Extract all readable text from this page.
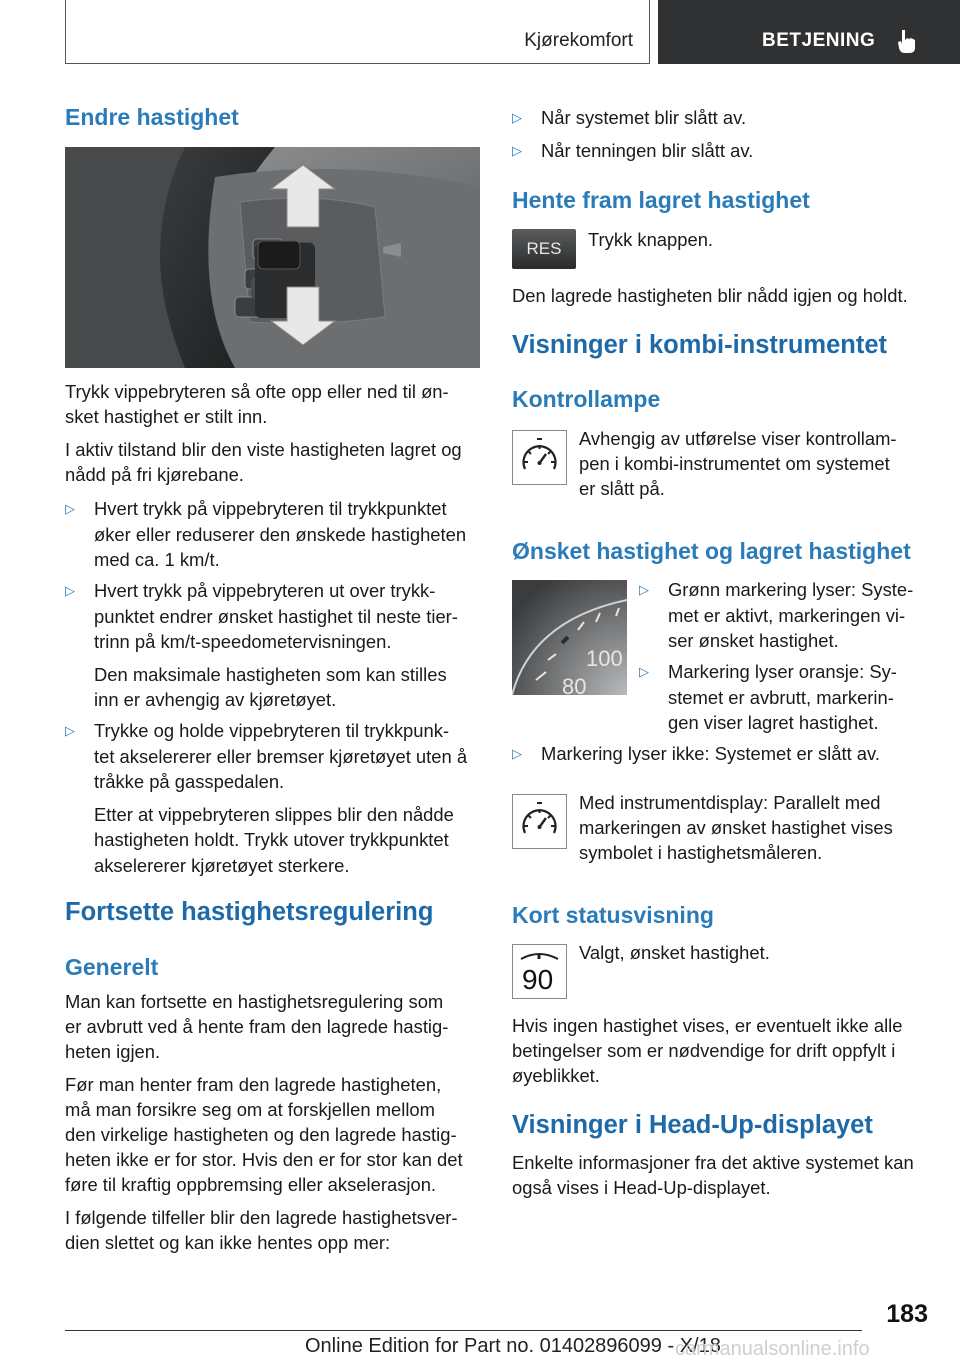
Kjørekomfort	BETJENING
Endre hastighet
Trykk vippebryteren så ofte opp eller ned til øn-
sket hastighet er stilt inn.
I aktiv tilstand blir den viste hastigheten lagret og
nådd på fri kjørebane.
▷ Hvert trykk på vippebryteren til trykkpunktet
øker eller reduserer den ønskede hastigheten
med ca. 1 km/t.
▷ Hvert trykk på vippebryteren ut over trykk-
punktet endrer ønsket hastighet til neste tier-
trinn på km/t-speedometervisningen.
Den maksimale hastigheten som kan stilles
inn er avhengig av kjøretøyet.
▷ Trykke og holde vippebryteren til trykkpunk-
tet akselererer eller bremser kjøretøyet uten å
tråkke på gasspedalen.
Etter at vippebryteren slippes blir den nådde
hastigheten holdt. Trykk utover trykkpunktet
akselererer kjøretøyet sterkere.
Fortsette hastighetsregulering
Generelt
Man kan fortsette en hastighetsregulering som
er avbrutt ved å hente fram den lagrede hastig-
heten igjen.
Før man henter fram den lagrede hastigheten,
må man forsikre seg om at forskjellen mellom
den virkelige hastigheten og den lagrede hastig-
heten ikke er for stor. Hvis den er for stor kan det
føre til kraftig oppbremsing eller akselerasjon.
I følgende tilfeller blir den lagrede hastighetsver-
dien slettet og kan ikke hentes opp mer:
▷ Når systemet blir slått av.
▷ Når tenningen blir slått av.
Hente fram lagret hastighet
RES	Trykk knappen.
Den lagrede hastigheten blir nådd igjen og holdt.
Visninger i kombi-instrumentet
Kontrollampe
Avhengig av utførelse viser kontrollam-
pen i kombi-instrumentet om systemet
er slått på.
Ønsket hastighet og lagret hastighet
100
80
▷ Grønn markering lyser: Syste-
met er aktivt, markeringen vi-
ser ønsket hastighet.
▷ Markering lyser oransje: Sy-
stemet er avbrutt, markerin-
gen viser lagret hastighet.
▷ Markering lyser ikke: Systemet er slått av.
Med instrumentdisplay: Parallelt med
markeringen av ønsket hastighet vises
symbolet i hastighetsmåleren.
Kort statusvisning
90
Valgt, ønsket hastighet.
Hvis ingen hastighet vises, er eventuelt ikke alle
betingelser som er nødvendige for drift oppfylt i
øyeblikket.
Visninger i Head-Up-displayet
Enkelte informasjoner fra det aktive systemet kan
også vises i Head-Up-displayet.
183
Online Edition for Part no. 01402896099 - X/18
carmanualsonline.info
